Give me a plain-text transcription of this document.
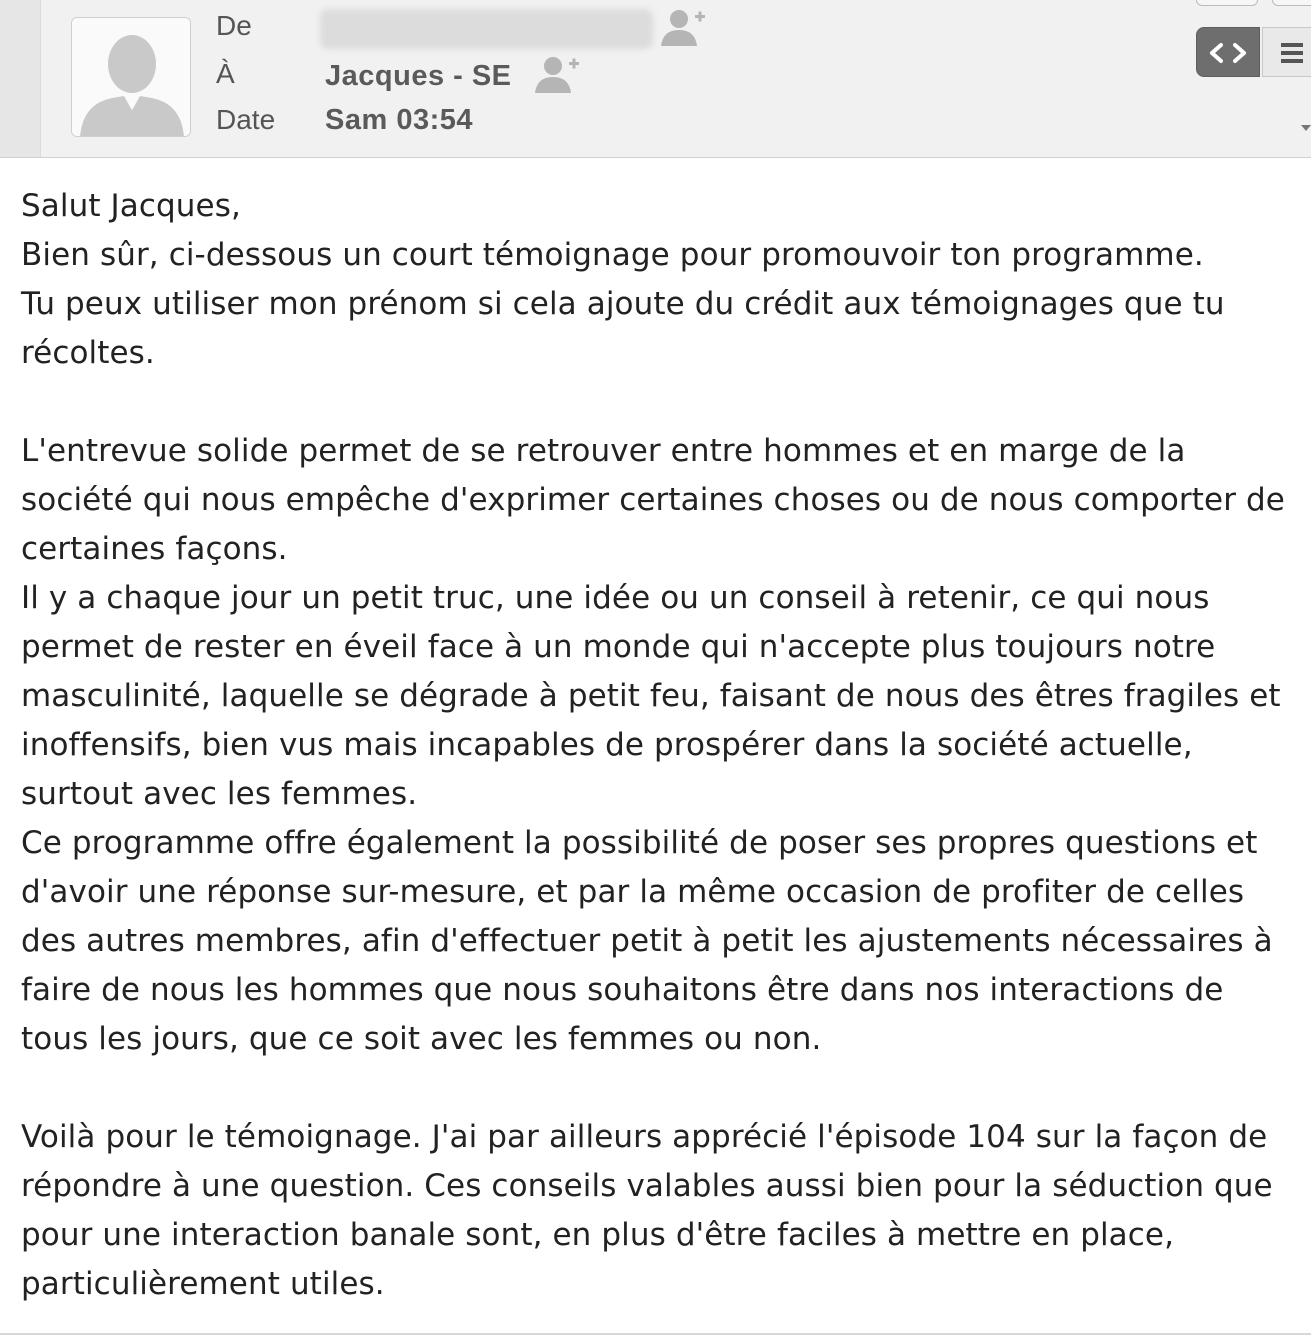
De
À
Date
Jacques - SE
Sam 03:54

Salut Jacques,

Bien sûr, ci-dessous un court témoignage pour promouvoir ton programme.
Tu peux utiliser mon prénom si cela ajoute du crédit aux témoignages que tu récoltes.

L'entrevue solide permet de se retrouver entre hommes et en marge de la société qui nous empêche d'exprimer certaines choses ou de nous comporter de certaines façons.

Il y a chaque jour un petit truc, une idée ou un conseil à retenir, ce qui nous permet de rester en éveil face à un monde qui n'accepte plus toujours notre masculinité, laquelle se dégrade à petit feu, faisant de nous des êtres fragiles et inoffensifs, bien vus mais incapables de prospérer dans la société actuelle, surtout avec les femmes.

Ce programme offre également la possibilité de poser ses propres questions et d'avoir une réponse sur-mesure, et par la même occasion de profiter de celles des autres membres, afin d'effectuer petit à petit les ajustements nécessaires à faire de nous les hommes que nous souhaitons être dans nos interactions de tous les jours, que ce soit avec les femmes ou non.

Voilà pour le témoignage. J'ai par ailleurs apprécié l'épisode 104 sur la façon de répondre à une question. Ces conseils valables aussi bien pour la séduction que pour une interaction banale sont, en plus d'être faciles à mettre en place, particulièrement utiles.
